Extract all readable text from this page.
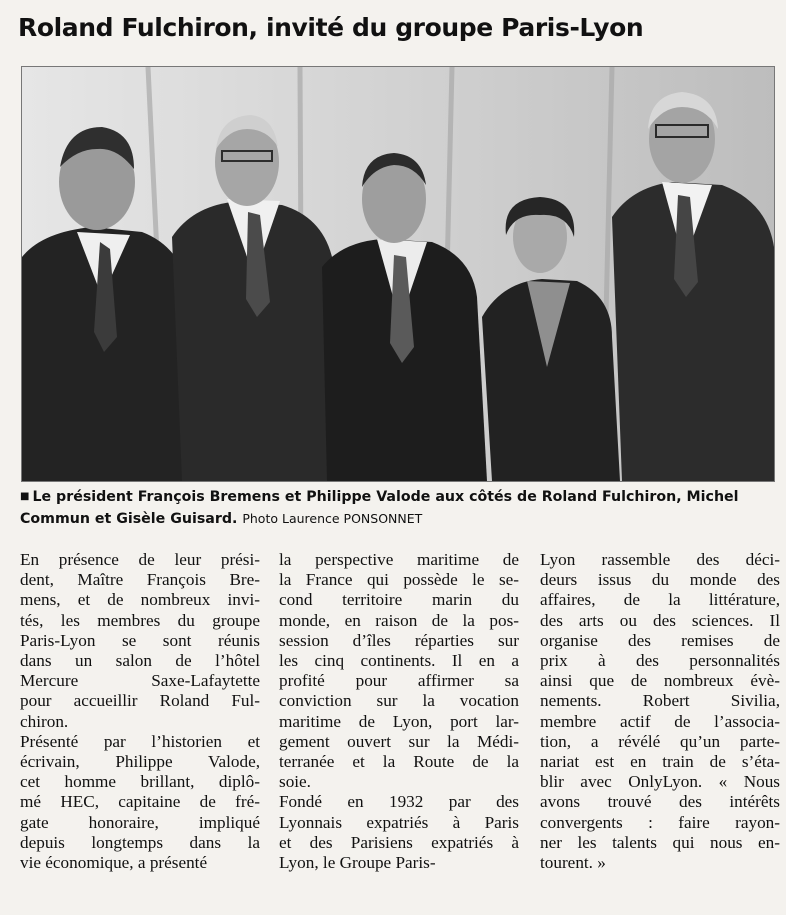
Roland Fulchiron, invité du groupe Paris-Lyon
■ Le président François Bremens et Philippe Valode aux côtés de Roland Fulchiron, Michel Commun et Gisèle Guisard. Photo Laurence PONSONNET
En présence de leur prési-
dent, Maître François Bre-
mens, et de nombreux invi-
tés, les membres du groupe
Paris-Lyon se sont réunis
dans un salon de l’hôtel
Mercure Saxe-Lafaytette
pour accueillir Roland Ful-
chiron.
Présenté par l’historien et
écrivain, Philippe Valode,
cet homme brillant, diplô-
mé HEC, capitaine de fré-
gate honoraire, impliqué
depuis longtemps dans la
vie économique, a présenté
la perspective maritime de
la France qui possède le se-
cond territoire marin du
monde, en raison de la pos-
session d’îles réparties sur
les cinq continents. Il en a
profité pour affirmer sa
conviction sur la vocation
maritime de Lyon, port lar-
gement ouvert sur la Médi-
terranée et la Route de la
soie.
Fondé en 1932 par des
Lyonnais expatriés à Paris
et des Parisiens expatriés à
Lyon, le Groupe Paris-
Lyon rassemble des déci-
deurs issus du monde des
affaires, de la littérature,
des arts ou des sciences. Il
organise des remises de
prix à des personnalités
ainsi que de nombreux évè-
nements. Robert Sivilia,
membre actif de l’associa-
tion, a révélé qu’un parte-
nariat est en train de s’éta-
blir avec OnlyLyon. « Nous
avons trouvé des intérêts
convergents : faire rayon-
ner les talents qui nous en-
tourent. »
